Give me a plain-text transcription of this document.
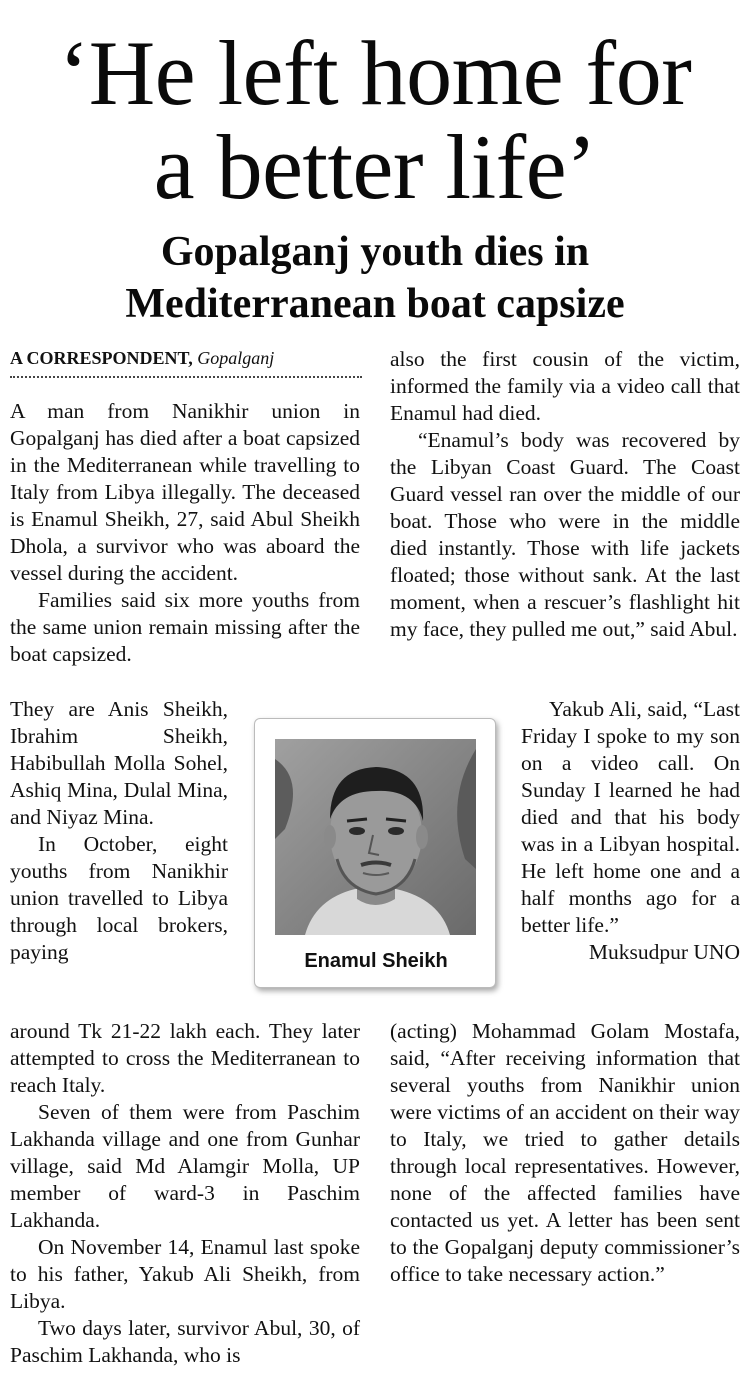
‘He left home for
a better life’
Gopalganj youth dies in
Mediterranean boat capsize
A CORRESPONDENT, Gopalganj

A man from Nanikhir union in Gopalganj has died after a boat capsized in the Mediterranean while travelling to Italy from Libya illegally. The deceased is Enamul Sheikh, 27, said Abul Sheikh Dhola, a survivor who was aboard the vessel during the accident.

Families said six more youths from the same union remain missing after the boat capsized.

They are Anis Sheikh, Ibrahim Sheikh, Habibullah Molla Sohel, Ashiq Mina, Dulal Mina, and Niyaz Mina.

In October, eight youths from Nanikhir union travelled to Libya through local brokers, paying

around Tk 21-22 lakh each. They later attempted to cross the Mediterranean to reach Italy.

Seven of them were from Paschim Lakhanda village and one from Gunhar village, said Md Alamgir Molla, UP member of ward-3 in Paschim Lakhanda.

On November 14, Enamul last spoke to his father, Yakub Ali Sheikh, from Libya.

Two days later, survivor Abul, 30, of Paschim Lakhanda, who is

also the first cousin of the victim, informed the family via a video call that Enamul had died.

“Enamul’s body was recovered by the Libyan Coast Guard. The Coast Guard vessel ran over the middle of our boat. Those who were in the middle died instantly. Those with life jackets floated; those without sank. At the last moment, when a rescuer’s flashlight hit my face, they pulled me out,” said Abul.

Yakub Ali, said, “Last Friday I spoke to my son on a video call. On Sunday I learned he had died and that his body was in a Libyan hospital. He left home one and a half months ago for a better life.”

Muksudpur UNO

(acting) Mohammad Golam Mostafa, said, “After receiving information that several youths from Nanikhir union were victims of an accident on their way to Italy, we tried to gather details through local representatives. However, none of the affected families have contacted us yet. A letter has been sent to the Gopalganj deputy commissioner’s office to take necessary action.”

Enamul Sheikh
